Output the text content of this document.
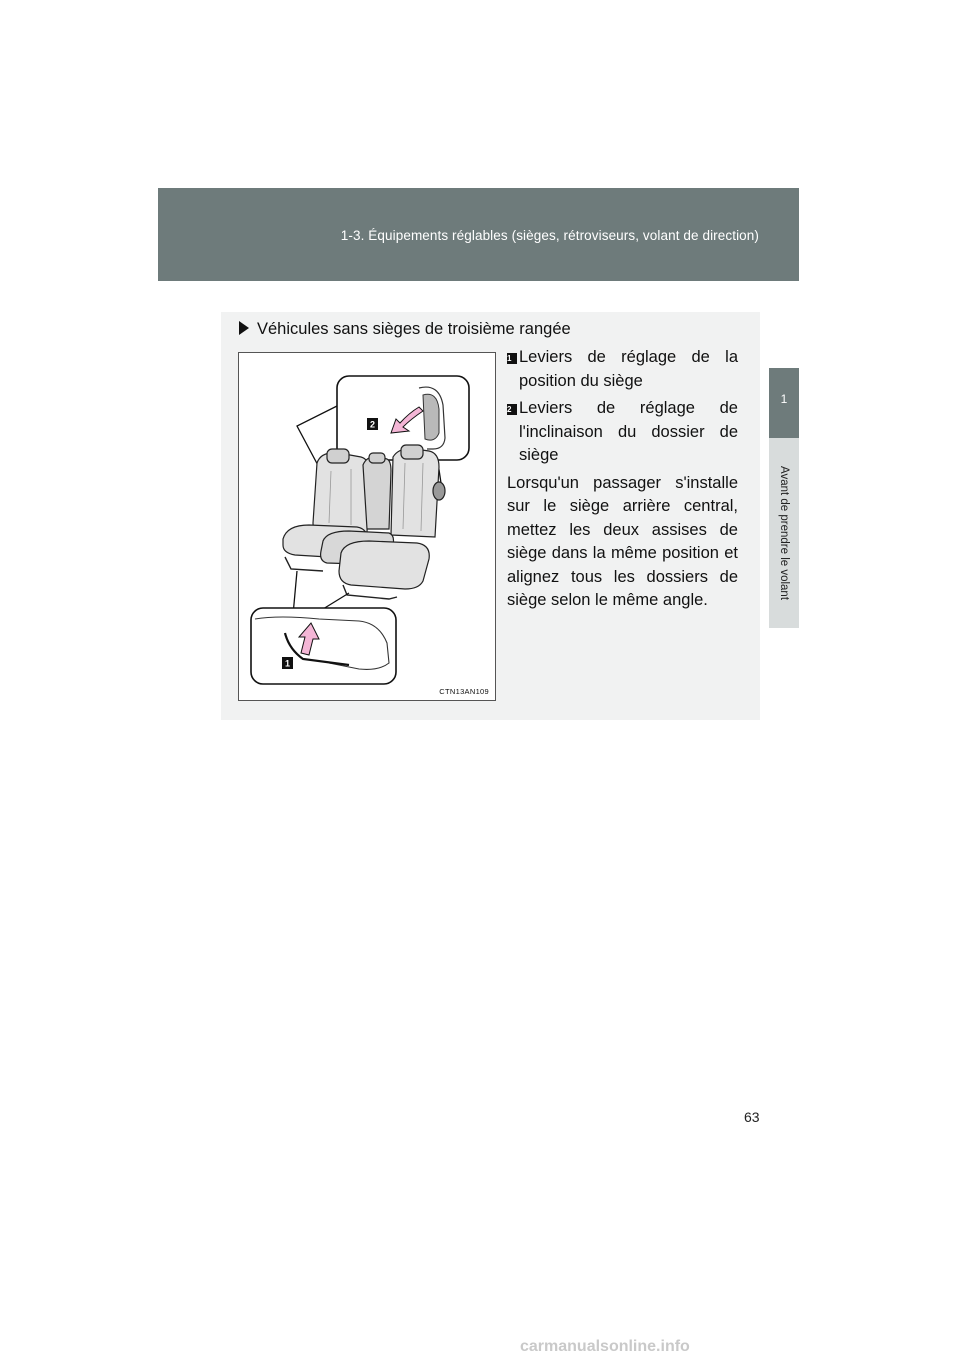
1-3. Équipements réglables (sièges, rétroviseurs, volant de direction)
1
Avant de prendre le volant
Véhicules sans sièges de troisième rangée
2
1
CTN13AN109
1 Leviers de réglage de la position du siège
2 Leviers de réglage de l'inclinaison du dossier de siège
Lorsqu'un passager s'installe sur le siège arrière central, mettez les deux assises de siège dans la même position et alignez tous les dossiers de siège selon le même angle.
63
carmanualsonline.info
